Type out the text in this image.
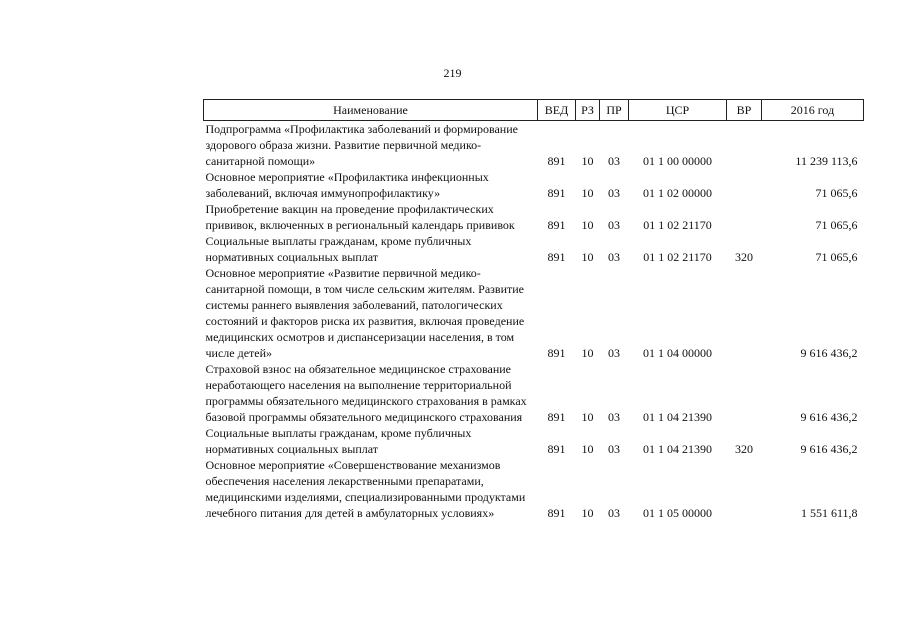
219
Наименование	ВЕД	РЗ	ПР	ЦСР	ВР	2016 год
Подпрограмма «Профилактика заболеваний и формирование здорового образа жизни. Развитие первичной медико-санитарной помощи»	891	10	03	01 1 00 00000		11 239 113,6
Основное мероприятие «Профилактика инфекционных заболеваний, включая иммунопрофилактику»	891	10	03	01 1 02 00000		71 065,6
Приобретение вакцин на проведение профилактических прививок, включенных в региональный календарь прививок	891	10	03	01 1 02 21170		71 065,6
Социальные выплаты гражданам, кроме публичных нормативных социальных выплат	891	10	03	01 1 02 21170	320	71 065,6
Основное мероприятие «Развитие первичной медико-санитарной помощи, в том числе сельским жителям. Развитие системы раннего выявления заболеваний, патологических состояний и факторов риска их развития, включая проведение медицинских осмотров и диспансеризации населения, в том числе детей»	891	10	03	01 1 04 00000		9 616 436,2
Страховой взнос на обязательное медицинское страхование неработающего населения на выполнение территориальной программы обязательного медицинского страхования в рамках базовой программы обязательного медицинского страхования	891	10	03	01 1 04 21390		9 616 436,2
Социальные выплаты гражданам, кроме публичных нормативных социальных выплат	891	10	03	01 1 04 21390	320	9 616 436,2
Основное мероприятие «Совершенствование механизмов обеспечения населения лекарственными препаратами, медицинскими изделиями, специализированными продуктами лечебного питания для детей в амбулаторных условиях»	891	10	03	01 1 05 00000		1 551 611,8
